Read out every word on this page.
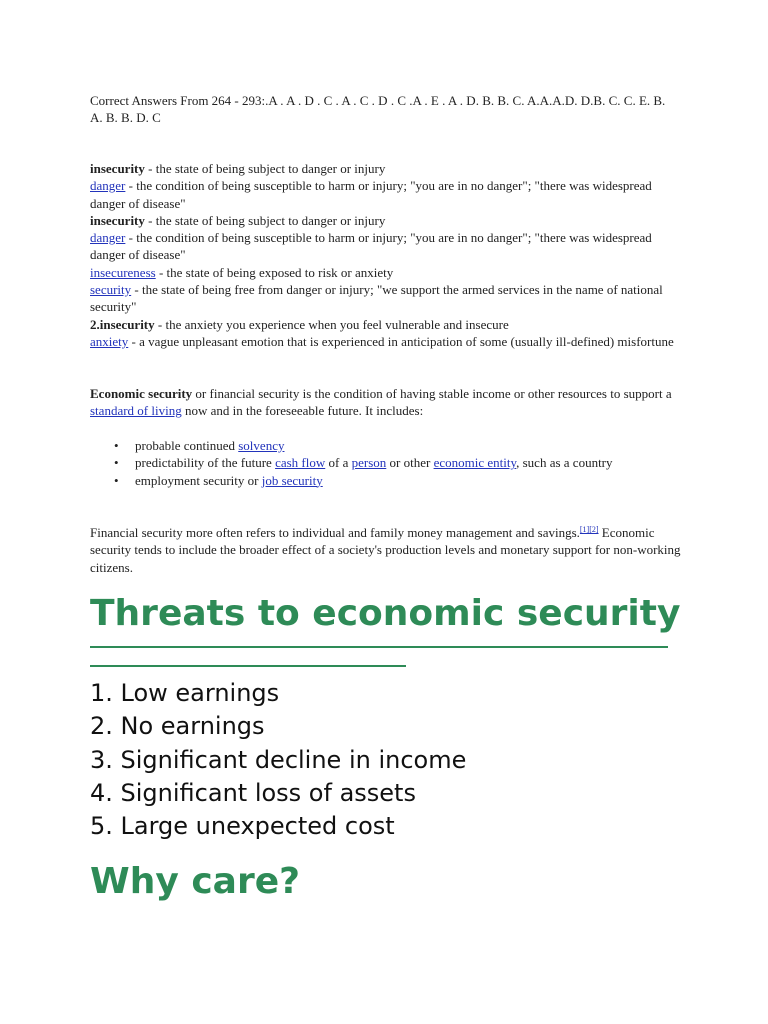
Correct Answers From 264 - 293:.A . A . D . C . A . C . D . C .A . E . A . D. B. B. C. A.A.A.D. D.B. C. C. E. B. A. B. B. D. C

insecurity - the state of being subject to danger or injury

danger - the condition of being susceptible to harm or injury; "you are in no danger"; "there was widespread danger of disease"

insecurity - the state of being subject to danger or injury

danger - the condition of being susceptible to harm or injury; "you are in no danger"; "there was widespread danger of disease"

insecureness - the state of being exposed to risk or anxiety

security - the state of being free from danger or injury; "we support the armed services in the name of national security"

2.insecurity - the anxiety you experience when you feel vulnerable and insecure

anxiety - a vague unpleasant emotion that is experienced in anticipation of some (usually ill-defined) misfortune

Economic security or financial security is the condition of having stable income or other resources to support a standard of living now and in the foreseeable future. It includes:

• probable continued solvency
• predictability of the future cash flow of a person or other economic entity, such as a country
• employment security or job security

Financial security more often refers to individual and family money management and savings.[1][2] Economic security tends to include the broader effect of a society's production levels and monetary support for non-working citizens.

Threats to economic security
1. Low earnings
2. No earnings
3. Significant decline in income
4. Significant loss of assets
5. Large unexpected cost
Why care?
